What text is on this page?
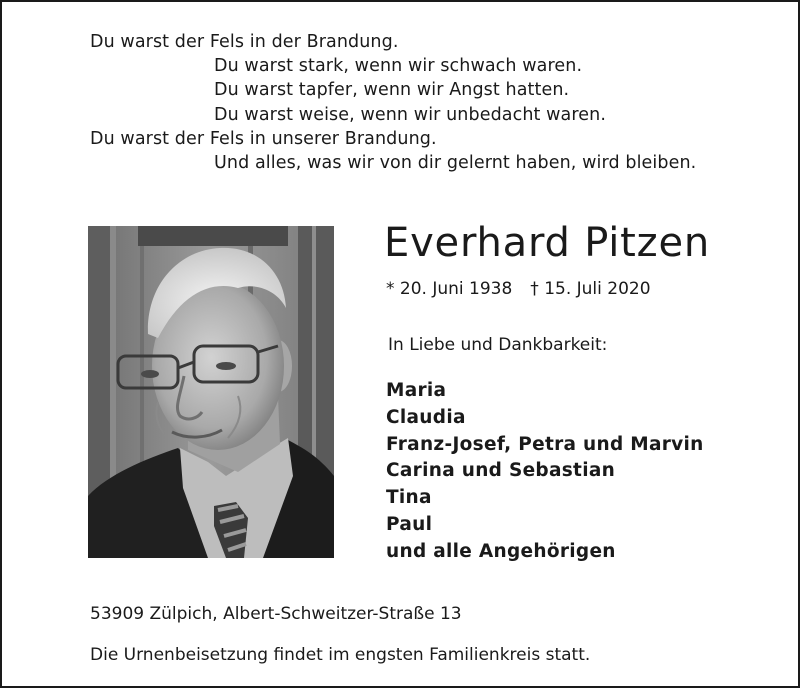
Du warst der Fels in der Brandung.
Du warst stark, wenn wir schwach waren.
Du warst tapfer, wenn wir Angst hatten.
Du warst weise, wenn wir unbedacht waren.
Du warst der Fels in unserer Brandung.
Und alles, was wir von dir gelernt haben, wird bleiben.
Everhard Pitzen
* 20. Juni 1938 † 15. Juli 2020
In Liebe und Dankbarkeit:
Maria
Claudia
Franz-Josef, Petra und Marvin
Carina und Sebastian
Tina
Paul
und alle Angehörigen
53909 Zülpich, Albert-Schweitzer-Straße 13
Die Urnenbeisetzung findet im engsten Familienkreis statt.
